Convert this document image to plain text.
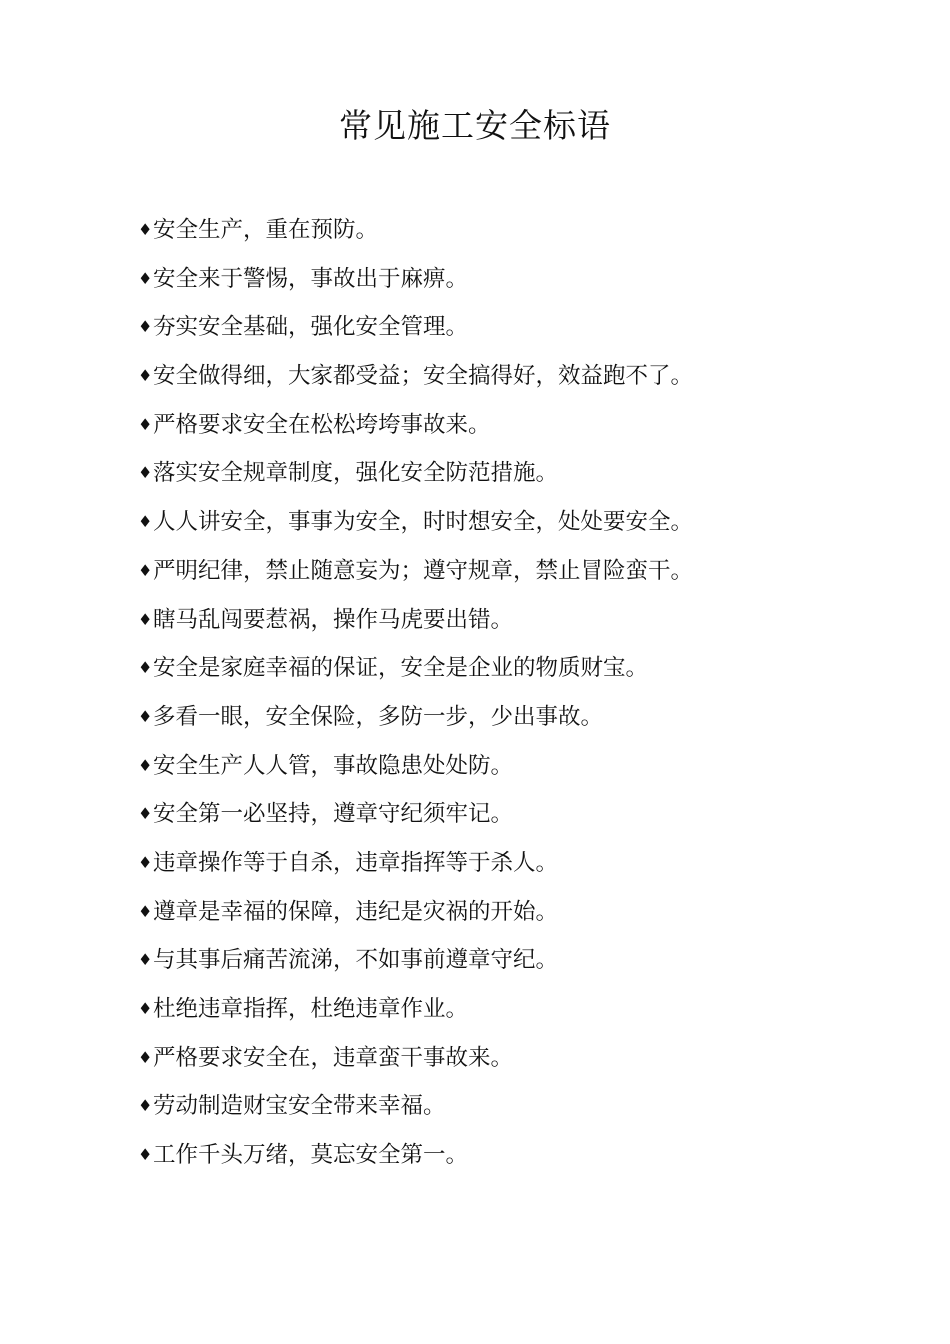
常见施工安全标语
♦ 安全生产，重在预防。
♦ 安全来于警惕，事故出于麻痹。
♦ 夯实安全基础，强化安全管理。
♦ 安全做得细，大家都受益；安全搞得好，效益跑不了。
♦ 严格要求安全在松松垮垮事故来。
♦ 落实安全规章制度，强化安全防范措施。
♦ 人人讲安全，事事为安全，时时想安全，处处要安全。
♦ 严明纪律，禁止随意妄为；遵守规章，禁止冒险蛮干。
♦ 瞎马乱闯要惹祸，操作马虎要出错。
♦ 安全是家庭幸福的保证，安全是企业的物质财宝。
♦ 多看一眼，安全保险，多防一步，少出事故。
♦ 安全生产人人管，事故隐患处处防。
♦ 安全第一必坚持，遵章守纪须牢记。
♦ 违章操作等于自杀，违章指挥等于杀人。
♦ 遵章是幸福的保障，违纪是灾祸的开始。
♦ 与其事后痛苦流涕，不如事前遵章守纪。
♦ 杜绝违章指挥，杜绝违章作业。
♦ 严格要求安全在，违章蛮干事故来。
♦ 劳动制造财宝安全带来幸福。
♦ 工作千头万绪，莫忘安全第一。
